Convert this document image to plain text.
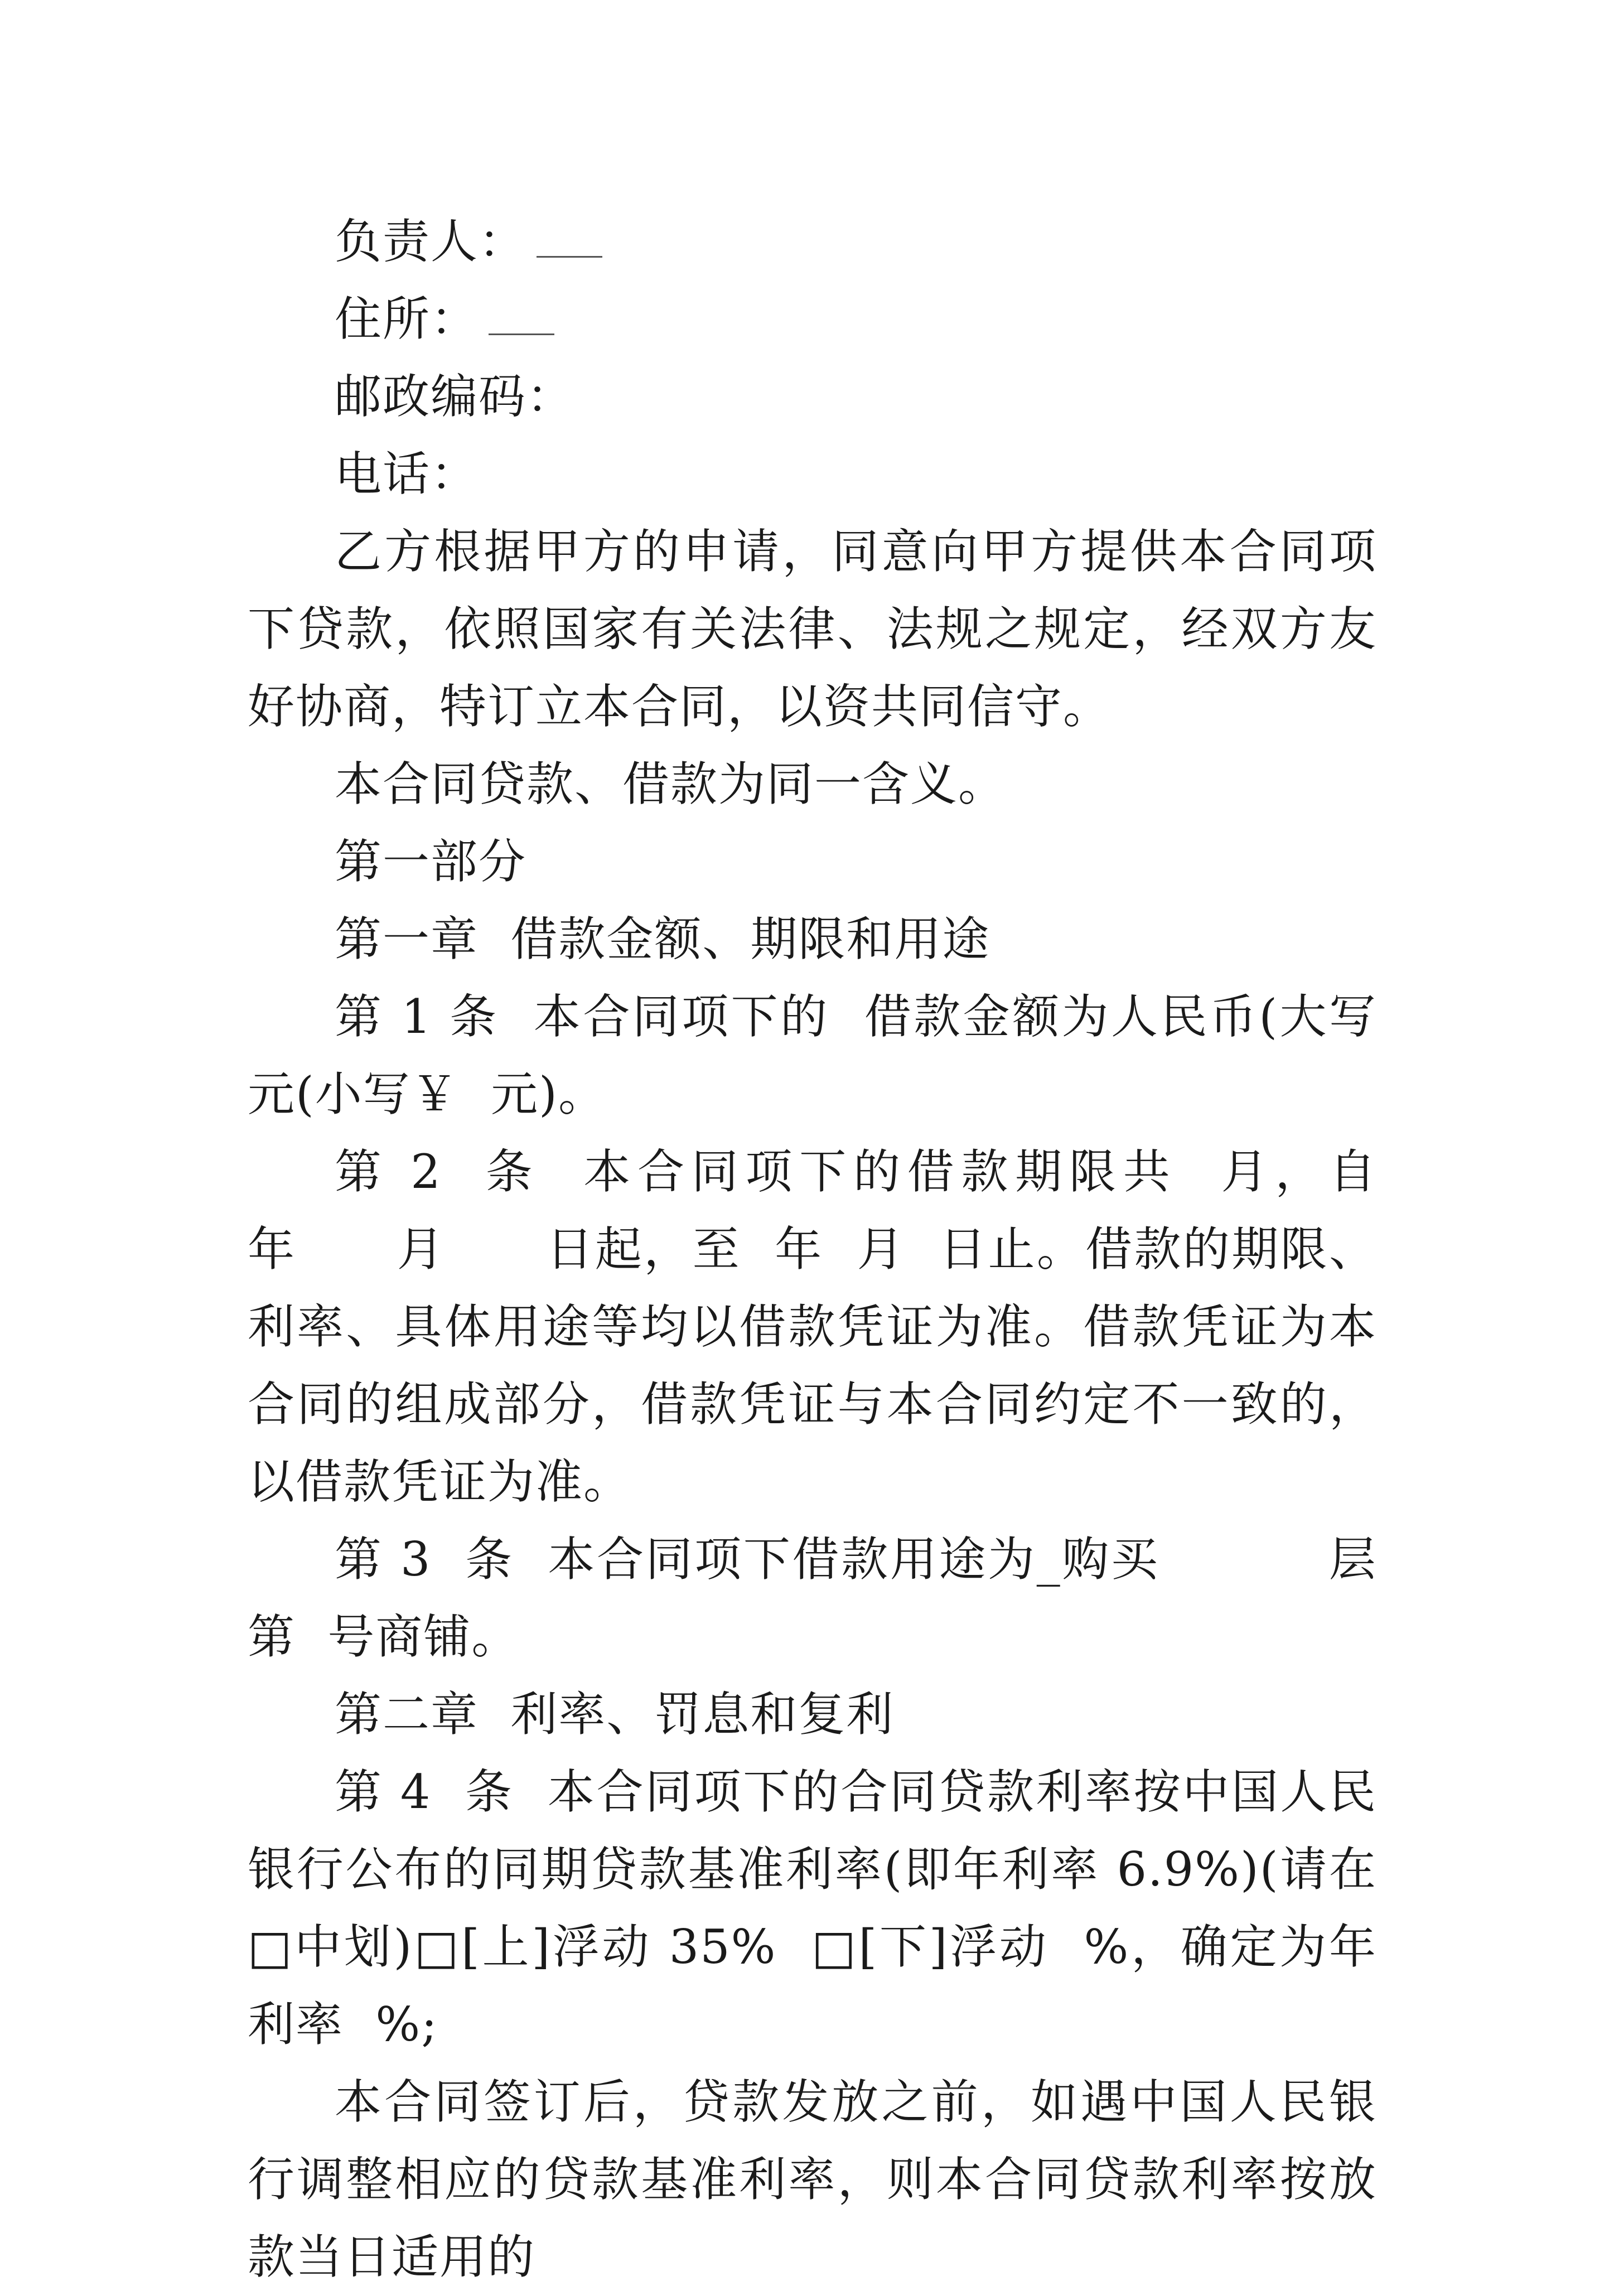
负责人：

住所：

邮政编码：

电话：

乙方根据甲方的申请，同意向甲方提供本合同项下贷款，依照国家有关法律、法规之规定，经双方友好协商，特订立本合同，以资共同信守。

本合同贷款、借款为同一含义。

第一部分

第一章  借款金额、期限和用途

第 1 条  本合同项下的  借款金额为人民币(大写  元(小写￥  元)。

第 2  条  本合同项下的借款期限共  月，自      年      月      日起，至  年  月  日止。借款的期限、利率、具体用途等均以借款凭证为准。借款凭证为本合同的组成部分，借款凭证与本合同约定不一致的，以借款凭证为准。

第 3  条  本合同项下借款用途为_购买          层第  号商铺。

第二章  利率、罚息和复利

第 4  条  本合同项下的合同贷款利率按中国人民银行公布的同期贷款基准利率(即年利率 6.9%)(请在□中划)□[上]浮动 35%  □[下]浮动  %，确定为年利率  %;

本合同签订后，贷款发放之前，如遇中国人民银行调整相应的贷款基准利率，则本合同贷款利率按放款当日适用的
